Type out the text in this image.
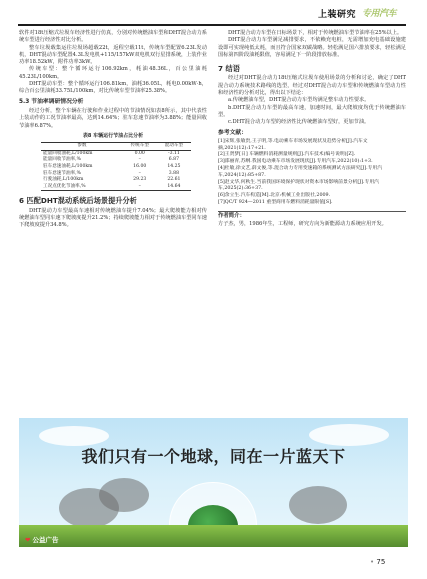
上装研究 专用汽车

软件对18t压缩式垃圾车经济性进行仿真，分别对传统燃油车型和DHT混合动力系统车型进行经济性对比分析。

整车垃圾载集运往垃圾场超载22t，返程空载11t，传统车型配置6.23L发动机，DHT混动车型配置4.3L发电机+115/157kW双电机双行星排系统，上装作业功率18.52kW，附件功率3kW。

传统车型：整个循环运行106.92km，耗油48.36L，百公里油耗45.23L/100km。

DHT混动车型：整个循环运行106.81km，油耗36.05L，耗电0.00kW·h，综合百公里油耗33.75L/100km，对比传统车型节油率25.38%。

5.3 节油率调研情况分析

经过分析，整个车辆在行驶和作业过程中的节油情况如表8所示，其中代表性上装动作的工况节油率最高，达到14.64%；驻车怠速节油率为3.88%；能量回收节油率6.87%。

表8 车辆运行节油占比分析
参数	传统车型	混动车型
能量回收油耗,L/100km	0.00	-3.11
能量回收节油率,%	–	6.87
驻车怠速油耗,L/100km	16.00	14.25
驻车怠速节油率,%	–	3.88
行驶油耗,L/100km	29.23	22.61
工况点优化节油率,%	–	14.64
6 匹配DHT混动系统后场景提升分析

DHT混动力车型最高车速相对传统燃油车提升7.04%；最大爬坡能力相对传统燃油车型同车速下爬坡度提升21.2%；持续爬坡能力相对于传统燃油车型同车速下爬坡度提升34.8%。

DHT混合动力车型在日标场景下，相对于传统燃油车型节油率在25%以上。

DHT混合动力车型满足减排要求，不依赖充电桩，无需增加充电基础设施建设即可实现纯低太耗，而且符合国家双碳战略。轻松满足国六排放要求，轻松满足国标第四阶段油耗限值，容易满足下一阶段排放标准。

7 结语

经过对DHT混合动力18t压缩式垃圾车使用场景的分析和讨论，确定了DHT混合动力系统技术路线的选型，经过对DHT混合动力车型和传统燃油车型动力性和经济性的分析对比，得出以下结论：

a.传统燃油车型，DHT混合动力车型均满足整车动力性要求。

b.DHT混合动力车型的最高车速，加速时间，最大爬坡度均优于传统燃油车型。

c.DHT混合动力车型的经济性比传统燃油车型好，更加节油。

参考文献：
[1]宋辉,张敏贵,王子明,等.电动乘车市场发展现状及趋势分析[J].汽车文摘,2021(12):17+21.
[2]王贤梦[日] 车辆燃料消耗测量规则[J].汽车技术(编号说明)[Z].
[3]邵丽青,苏纲.我国电动乘车市场发展现状[J].专用汽车,2022(10):1+3.
[4]杜敏,徐文艺,薛文俊,等.混合动力专用变速箱的系统测试方法研究[J].专用汽车,2024(12):85+87.
[5]赵文华,何秋生.当前我国环境保护现状对资本市场影响前景分析[J].专用汽车,2025(2):36+37.
[6]余立生.汽车构造[M].北京:机械工业出版社,2009.
[7]QC/T 924—2011 重型商用车燃料消耗量限值[S].
作者简介：

方子杰，男，1986年生，工程师，研究方向为新能源动力系统应用开发。

我们只有一个地球，同在一片蓝天下
❤ 公益广告
• 75
